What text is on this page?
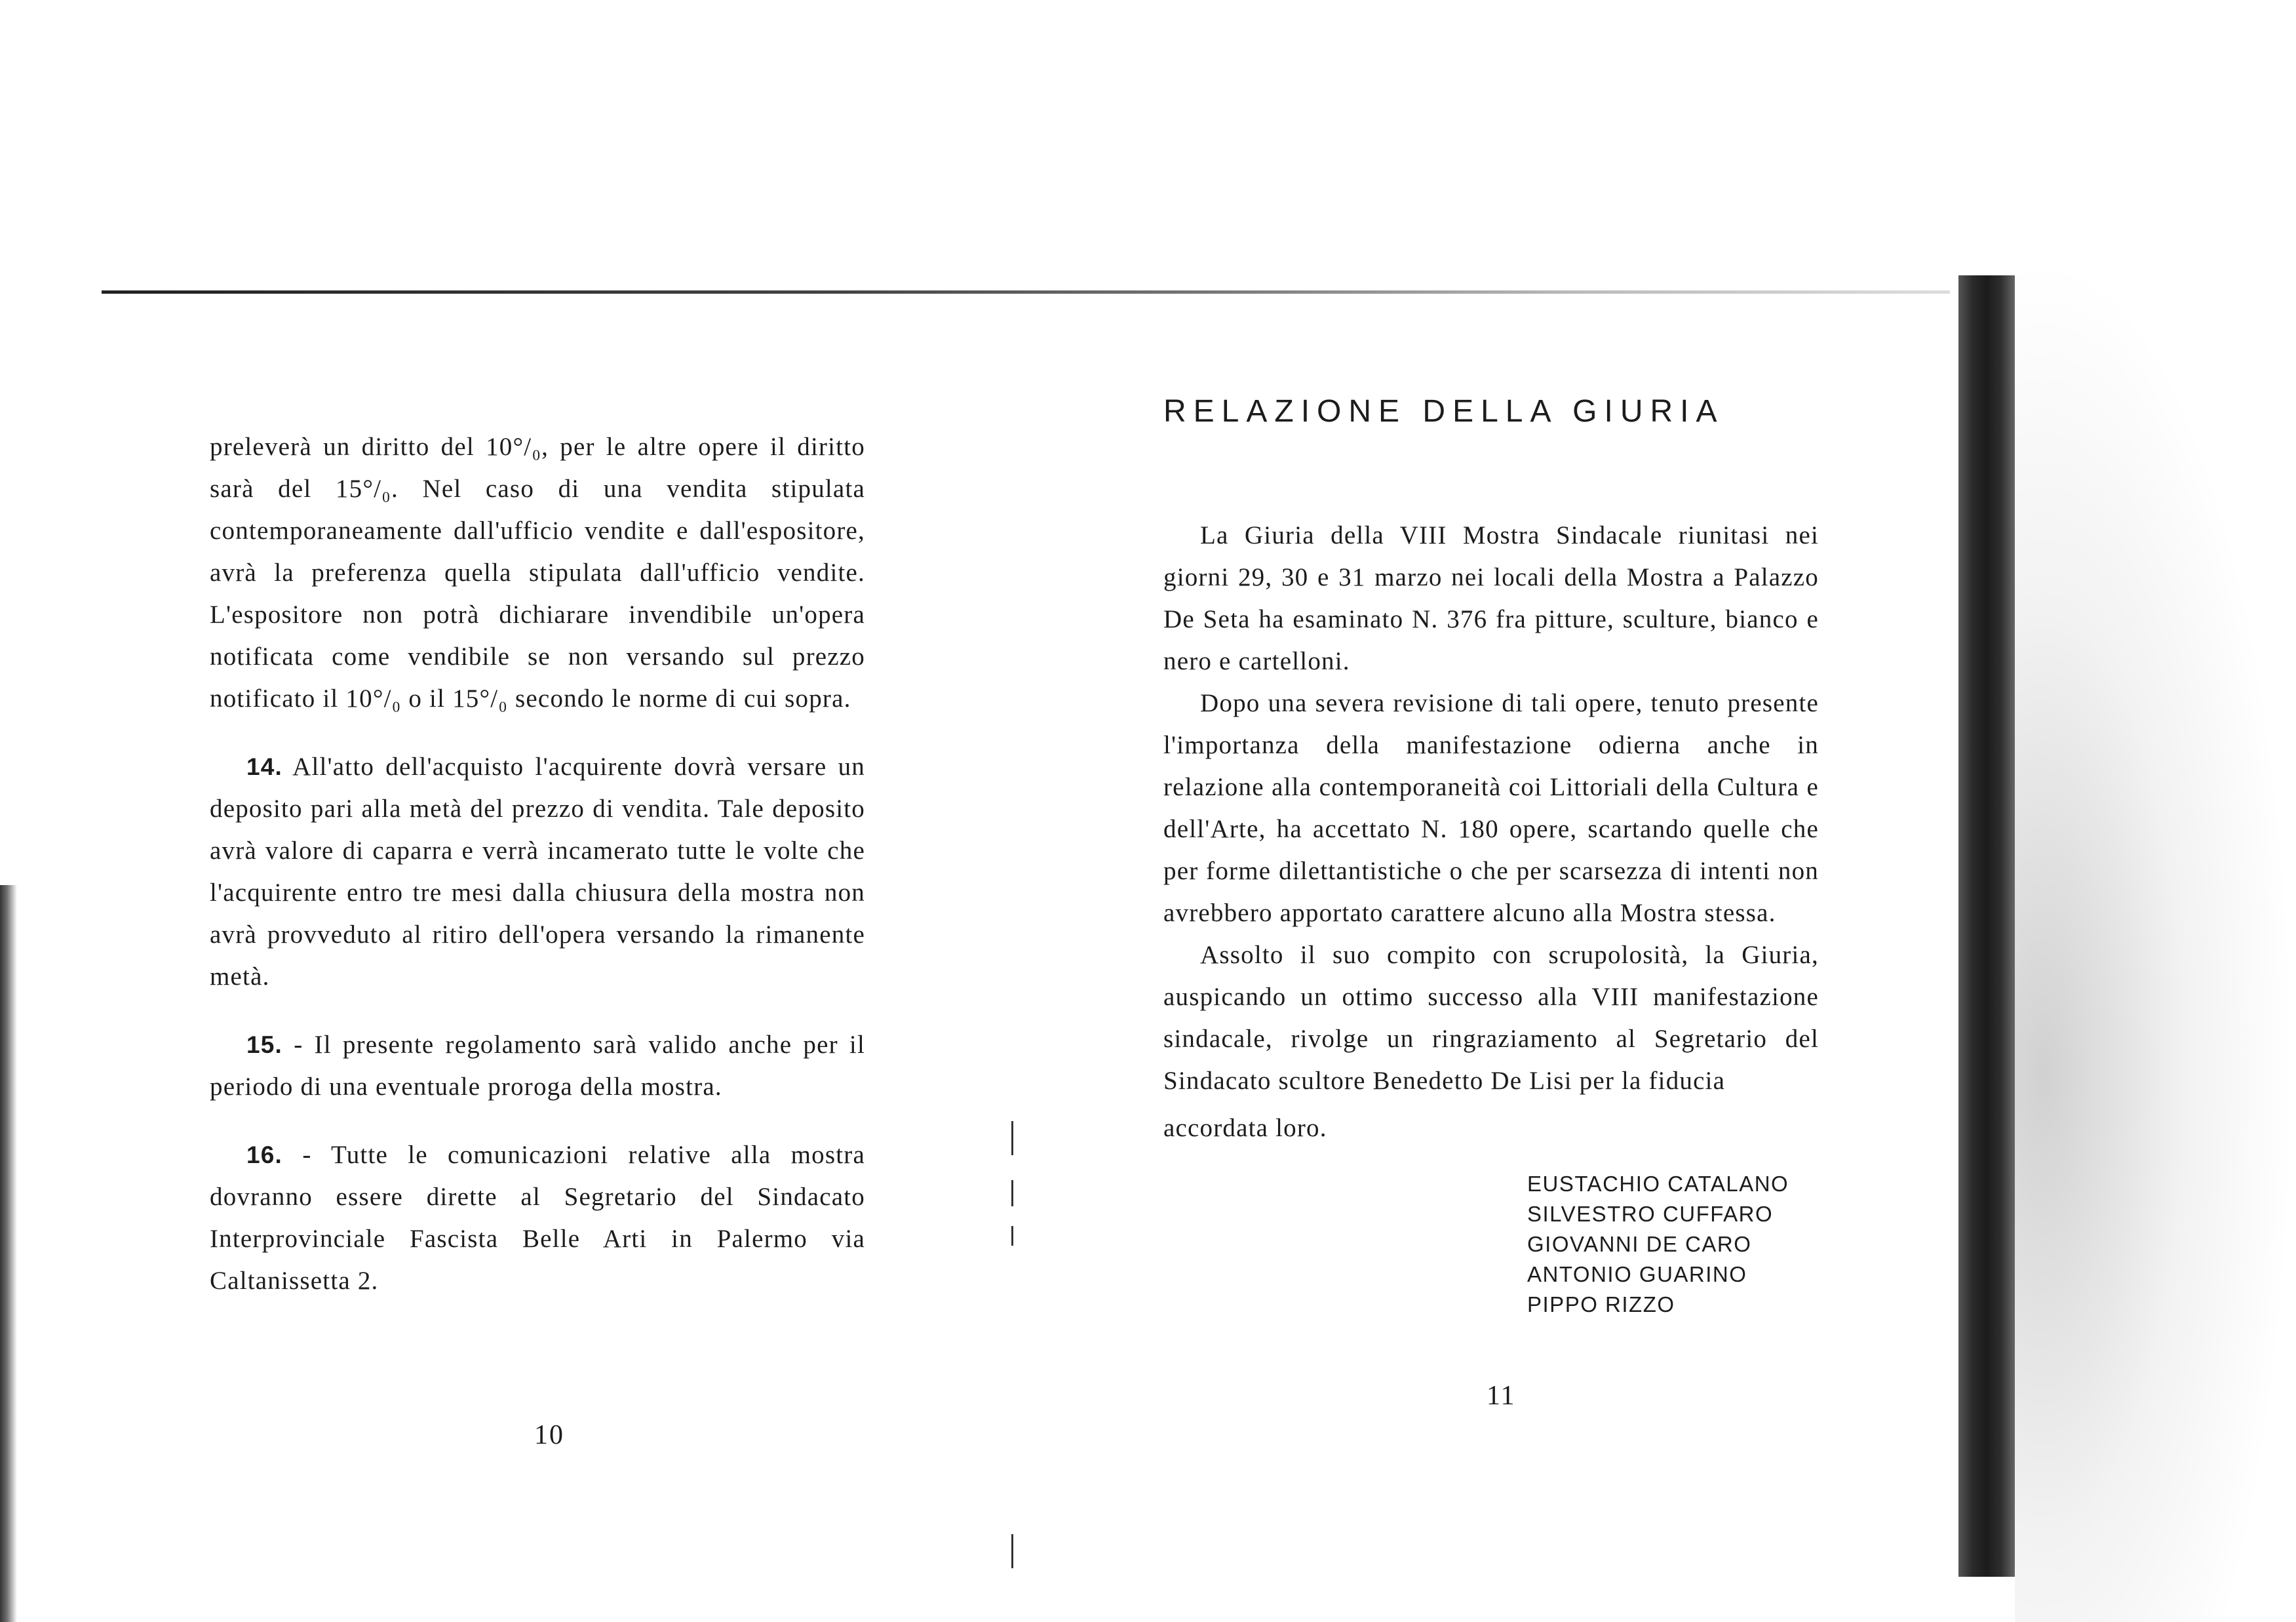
preleverà un diritto del 10°/₀, per le altre opere il diritto sarà del 15°/₀. Nel caso di una vendita stipulata contemporaneamente dall'ufficio vendite e dall'espositore, avrà la preferenza quella stipulata dall'ufficio vendite. L'espositore non potrà dichiarare invendibile un'opera notificata come vendibile se non versando sul prezzo notificato il 10°/₀ o il 15°/₀ secondo le norme di cui sopra.

14. All'atto dell'acquisto l'acquirente dovrà versare un deposito pari alla metà del prezzo di vendita. Tale deposito avrà valore di caparra e verrà incamerato tutte le volte che l'acquirente entro tre mesi dalla chiusura della mostra non avrà provveduto al ritiro dell'opera versando la rimanente metà.

15. - Il presente regolamento sarà valido anche per il periodo di una eventuale proroga della mostra.

16. - Tutte le comunicazioni relative alla mostra dovranno essere dirette al Segretario del Sindacato Interprovinciale Fascista Belle Arti in Palermo via Caltanissetta 2.

10
RELAZIONE DELLA GIURIA

La Giuria della VIII Mostra Sindacale riunitasi nei giorni 29, 30 e 31 marzo nei locali della Mostra a Palazzo De Seta ha esaminato N. 376 fra pitture, sculture, bianco e nero e cartelloni.

Dopo una severa revisione di tali opere, tenuto presente l'importanza della manifestazione odierna anche in relazione alla contemporaneità coi Littoriali della Cultura e dell'Arte, ha accettato N. 180 opere, scartando quelle che per forme dilettantistiche o che per scarsezza di intenti non avrebbero apportato carattere alcuno alla Mostra stessa.

Assolto il suo compito con scrupolosità, la Giuria, auspicando un ottimo successo alla VIII manifestazione sindacale, rivolge un ringraziamento al Segretario del Sindacato scultore Benedetto De Lisi per la fiducia

accordata loro.

EUSTACHIO CATALANO
SILVESTRO CUFFARO
GIOVANNI DE CARO
ANTONIO GUARINO
PIPPO RIZZO
11
